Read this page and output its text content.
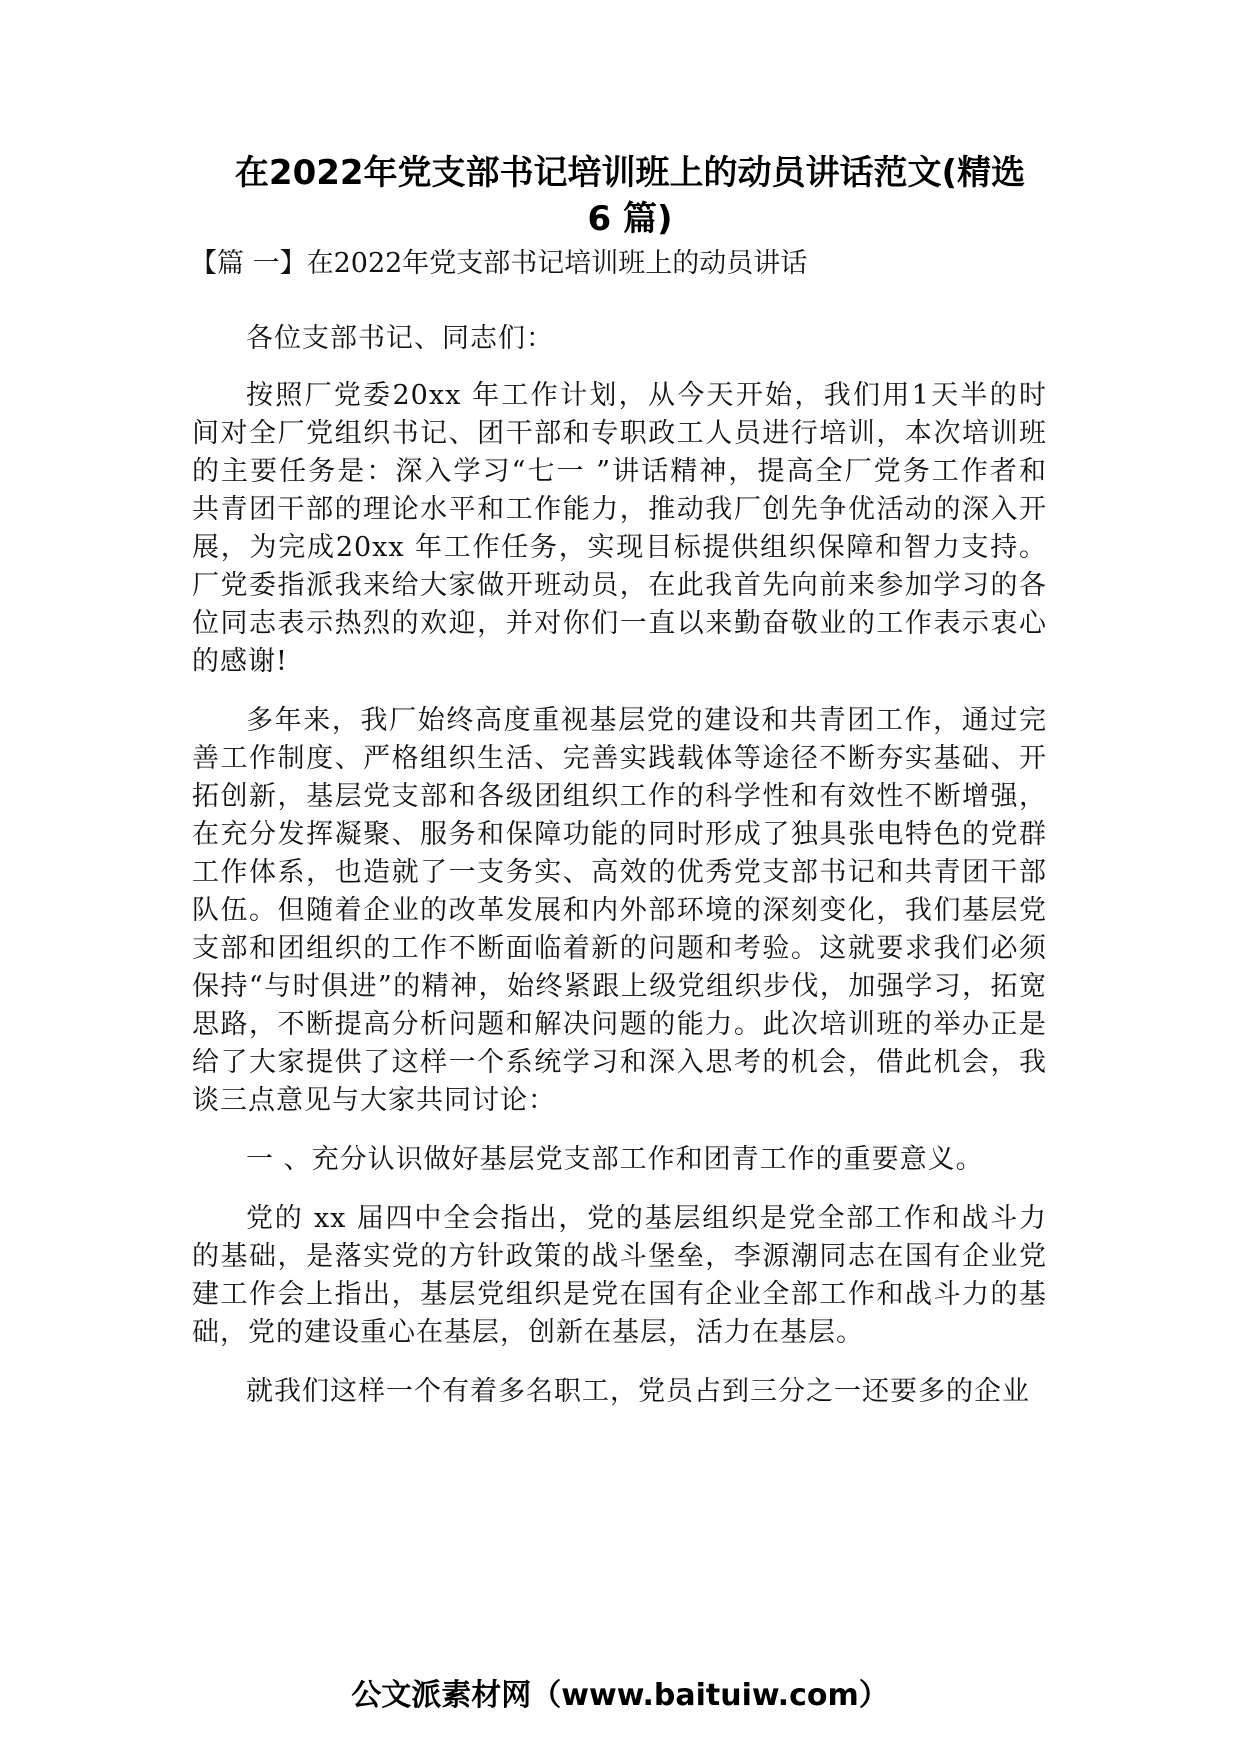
在2022年党支部书记培训班上的动员讲话范文(精选
6 篇)

【篇 一】在2022年党支部书记培训班上的动员讲话

各位支部书记、同志们：

按照厂党委20xx 年工作计划，从今天开始，我们用1天半的时 间对全厂党组织书记、团干部和专职政工人员进行培训，本次培训班 的主要任务是：深入学习“七一 ”讲话精神，提高全厂党务工作者和 共青团干部的理论水平和工作能力，推动我厂创先争优活动的深入开 展，为完成20xx 年工作任务，实现目标提供组织保障和智力支持。 厂党委指派我来给大家做开班动员，在此我首先向前来参加学习的各 位同志表示热烈的欢迎，并对你们一直以来勤奋敬业的工作表示衷心 的感谢!

多年来，我厂始终高度重视基层党的建设和共青团工作，通过完善工作制度、严格组织生活、完善实践载体等途径不断夯实基础、开拓创新，基层党支部和各级团组织工作的科学性和有效性不断增强，在充分发挥凝聚、服务和保障功能的同时形成了独具张电特色的党群工作体系，也造就了一支务实、高效的优秀党支部书记和共青团干部队伍。但随着企业的改革发展和内外部环境的深刻变化，我们基层党支部和团组织的工作不断面临着新的问题和考验。这就要求我们必须保持“与时俱进”的精神，始终紧跟上级党组织步伐，加强学习，拓宽思路，不断提高分析问题和解决问题的能力。此次培训班的举办正是给了大家提供了这样一个系统学习和深入思考的机会，借此机会，我谈三点意见与大家共同讨论：

一 、充分认识做好基层党支部工作和团青工作的重要意义。

党的 xx 届四中全会指出，党的基层组织是党全部工作和战斗力 的基础，是落实党的方针政策的战斗堡垒，李源潮同志在国有企业党 建工作会上指出，基层党组织是党在国有企业全部工作和战斗力的基 础，党的建设重心在基层，创新在基层，活力在基层。

就我们这样一个有着多名职工，党员占到三分之一还要多的企业

公文派素材网（www.baituiw.com）
